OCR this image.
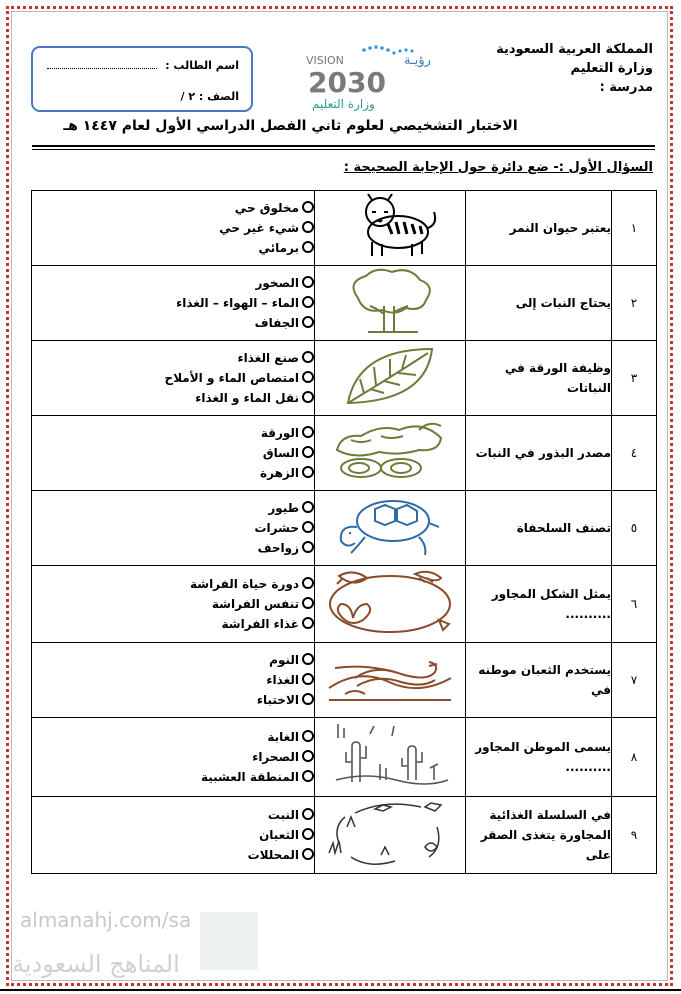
المملكة العربية السعودية
وزارة التعليم
مدرسة :
اسم الطالب :
الصف : ٢ /
VISION	رؤيـة
2030
وزارة التعليم
الاختبار التشخيصي لعلوم ثاني الفصل الدراسي الأول لعام ١٤٤٧ هـ
السؤال الأول :- ضع دائرة حول الإجابة الصحيحة :
١	يعتبر حيوان النمر		مخلوق حي
شيء غير حي
برمائي

٢	يحتاج النبات إلى		الصخور
الماء – الهواء – الغذاء
الجفاف

٣	وظيفة الورقة في النباتات		صنع الغذاء
امتصاص الماء و الأملاح
نقل الماء و الغذاء

٤	مصدر البذور في النبات		الورقة
الساق
الزهرة

٥	تصنف السلحفاة		طيور
حشرات
زواحف

٦	يمثل الشكل المجاور ..........		دورة حياة الفراشة
تنفس الفراشة
غذاء الفراشة

٧	يستخدم الثعبان موطنه في		النوم
الغذاء
الاختباء

٨	يسمى الموطن المجاور ..........		الغابة
الصحراء
المنطقة العشبية

٩	في السلسلة الغذائية المجاورة يتغذى الصقر على		النبت
الثعبان
المحللات
almanahj.com/sa
المناهج السعودية
